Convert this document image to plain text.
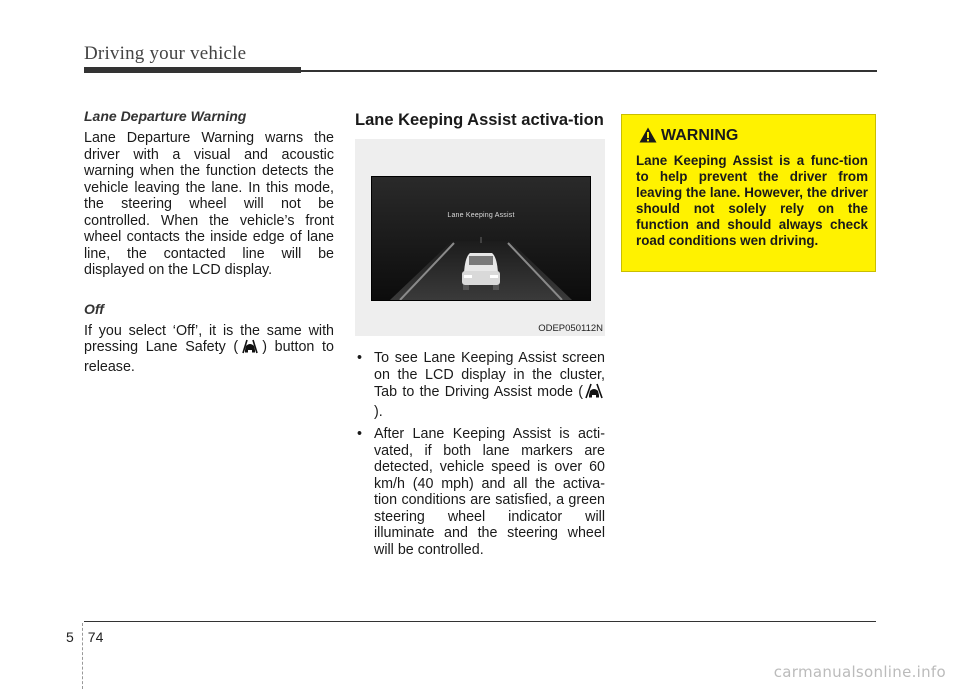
Driving your vehicle

Lane Departure Warning

Lane Departure Warning warns the driver with a visual and acoustic warning when the function detects the vehicle leaving the lane. In this mode, the steering wheel will not be controlled. When the vehicle’s front wheel contacts the inside edge of lane line, the contacted line will be displayed on the LCD display.

Off

If you select ‘Off’, it is the same with pressing Lane Safety ( ) button to release.

Lane Keeping Assist activa-tion

Lane Keeping Assist
ODEP050112N
• To see Lane Keeping Assist screen on the LCD display in the cluster, Tab to the Driving Assist mode ().
• After Lane Keeping Assist is acti-vated, if both lane markers are detected, vehicle speed is over 60 km/h (40 mph) and all the activa-tion conditions are satisfied, a green steering wheel indicator will illuminate and the steering wheel will be controlled.
WARNING
Lane Keeping Assist is a func-tion to help prevent the driver from leaving the lane. However, the driver should not solely rely on the function and should always check road conditions wen driving.
5 74
carmanualsonline.info
